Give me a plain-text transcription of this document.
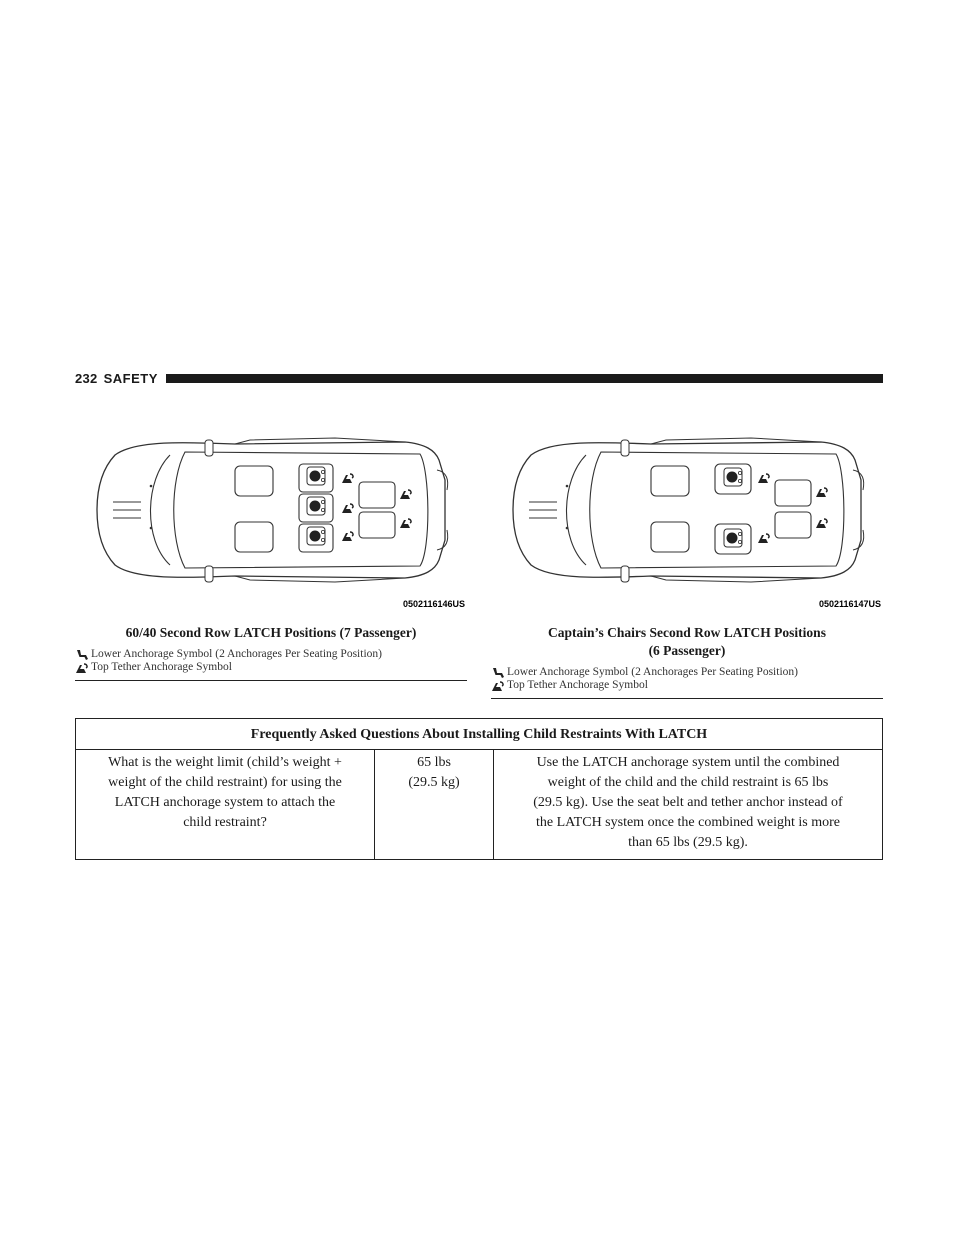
232 SAFETY
0502116146US
60/40 Second Row LATCH Positions (7 Passenger)
Lower Anchorage Symbol (2 Anchorages Per Seating Position)
Top Tether Anchorage Symbol
0502116147US
Captain’s Chairs Second Row LATCH Positions
(6 Passenger)
Lower Anchorage Symbol (2 Anchorages Per Seating Position)
Top Tether Anchorage Symbol
Frequently Asked Questions About Installing Child Restraints With LATCH

What is the weight limit (child’s weight +
weight of the child restraint) for using the
LATCH anchorage system to attach the
child restraint?

65 lbs
(29.5 kg)

Use the LATCH anchorage system until the combined
weight of the child and the child restraint is 65 lbs
(29.5 kg). Use the seat belt and tether anchor instead of
the LATCH system once the combined weight is more
than 65 lbs (29.5 kg).
